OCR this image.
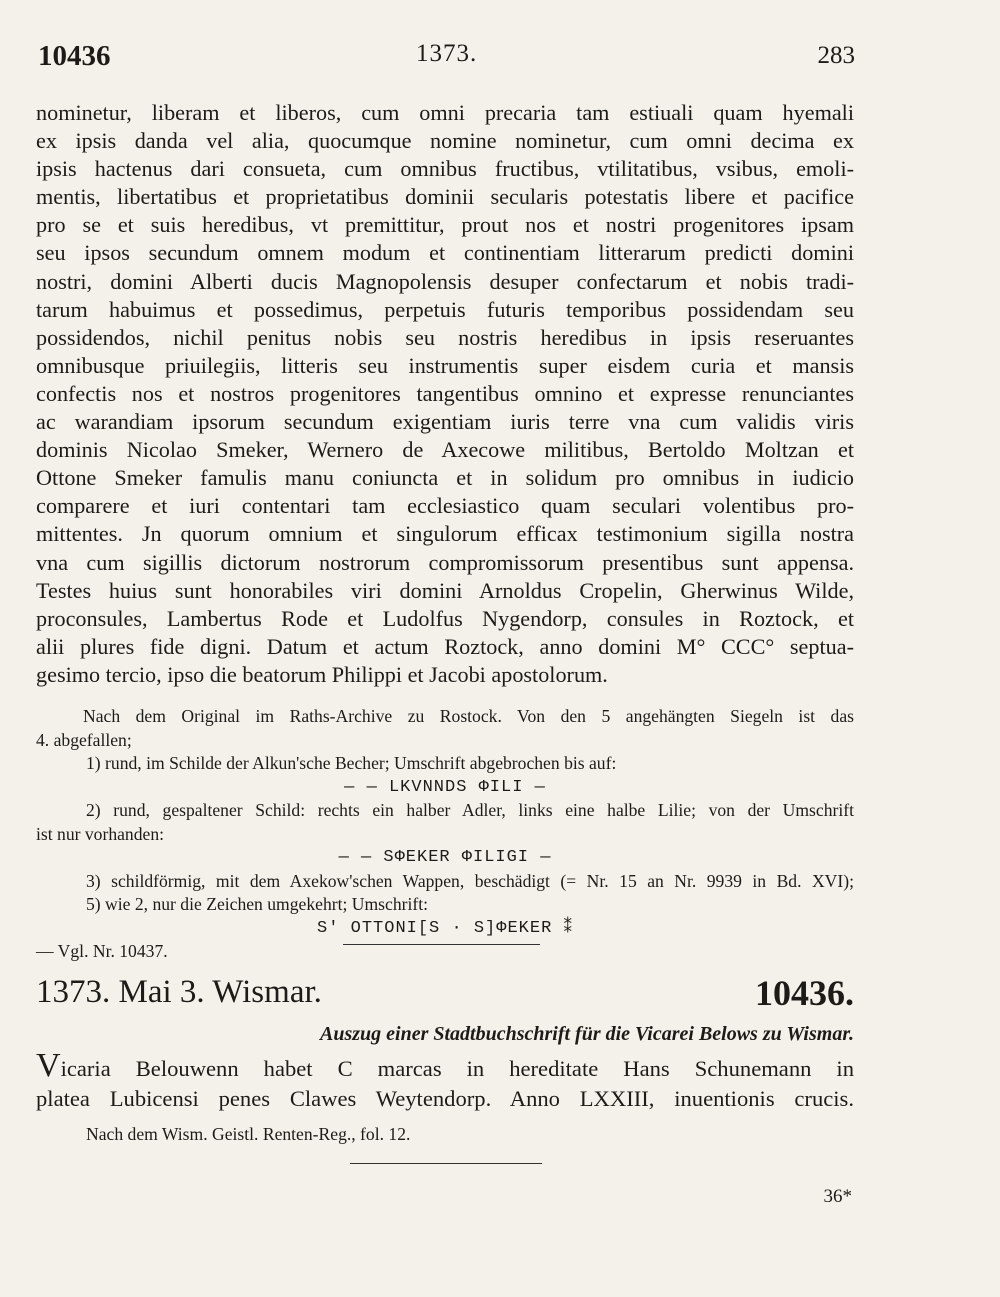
10436	1373.	283
nominetur, liberam et liberos, cum omni precaria tam estiuali quam hyemali
ex ipsis danda vel alia, quocumque nomine nominetur, cum omni decima ex
ipsis hactenus dari consueta, cum omnibus fructibus, vtilitatibus, vsibus, emoli-
mentis, libertatibus et proprietatibus dominii secularis potestatis libere et pacifice
pro se et suis heredibus, vt premittitur, prout nos et nostri progenitores ipsam
seu ipsos secundum omnem modum et continentiam litterarum predicti domini
nostri, domini Alberti ducis Magnopolensis desuper confectarum et nobis tradi-
tarum habuimus et possedimus, perpetuis futuris temporibus possidendam seu
possidendos, nichil penitus nobis seu nostris heredibus in ipsis reseruantes
omnibusque priuilegiis, litteris seu instrumentis super eisdem curia et mansis
confectis nos et nostros progenitores tangentibus omnino et expresse renunciantes
ac warandiam ipsorum secundum exigentiam iuris terre vna cum validis viris
dominis Nicolao Smeker, Wernero de Axecowe militibus, Bertoldo Moltzan et
Ottone Smeker famulis manu coniuncta et in solidum pro omnibus in iudicio
comparere et iuri contentari tam ecclesiastico quam seculari volentibus pro-
mittentes. Jn quorum omnium et singulorum efficax testimonium sigilla nostra
vna cum sigillis dictorum nostrorum compromissorum presentibus sunt appensa.
Testes huius sunt honorabiles viri domini Arnoldus Cropelin, Gherwinus Wilde,
proconsules, Lambertus Rode et Ludolfus Nygendorp, consules in Roztock, et
alii plures fide digni. Datum et actum Roztock, anno domini M° CCC° septua-
gesimo tercio, ipso die beatorum Philippi et Jacobi apostolorum.
Nach dem Original im Raths-Archive zu Rostock. Von den 5 angehängten Siegeln ist das
4. abgefallen;
1) rund, im Schilde der Alkun'sche Becher; Umschrift abgebrochen bis auf:
— — LKVNNDS ΦILI —
2) rund, gespaltener Schild: rechts ein halber Adler, links eine halbe Lilie; von der Umschrift
ist nur vorhanden:
— — SΦEKER ΦILIGI —
3) schildförmig, mit dem Axekow'schen Wappen, beschädigt (= Nr. 15 an Nr. 9939 in Bd. XVI);
5) wie 2, nur die Zeichen umgekehrt; Umschrift:
S' OTTONI[S · S]ΦEKER ⁑
— Vgl. Nr. 10437.
1373. Mai 3. Wismar.	10436.
Auszug einer Stadtbuchschrift für die Vicarei Belows zu Wismar.
Vicaria Belouwenn habet C marcas in hereditate Hans Schunemann in
platea Lubicensi penes Clawes Weytendorp. Anno LXXIII, inuentionis crucis.
Nach dem Wism. Geistl. Renten-Reg., fol. 12.
36*
